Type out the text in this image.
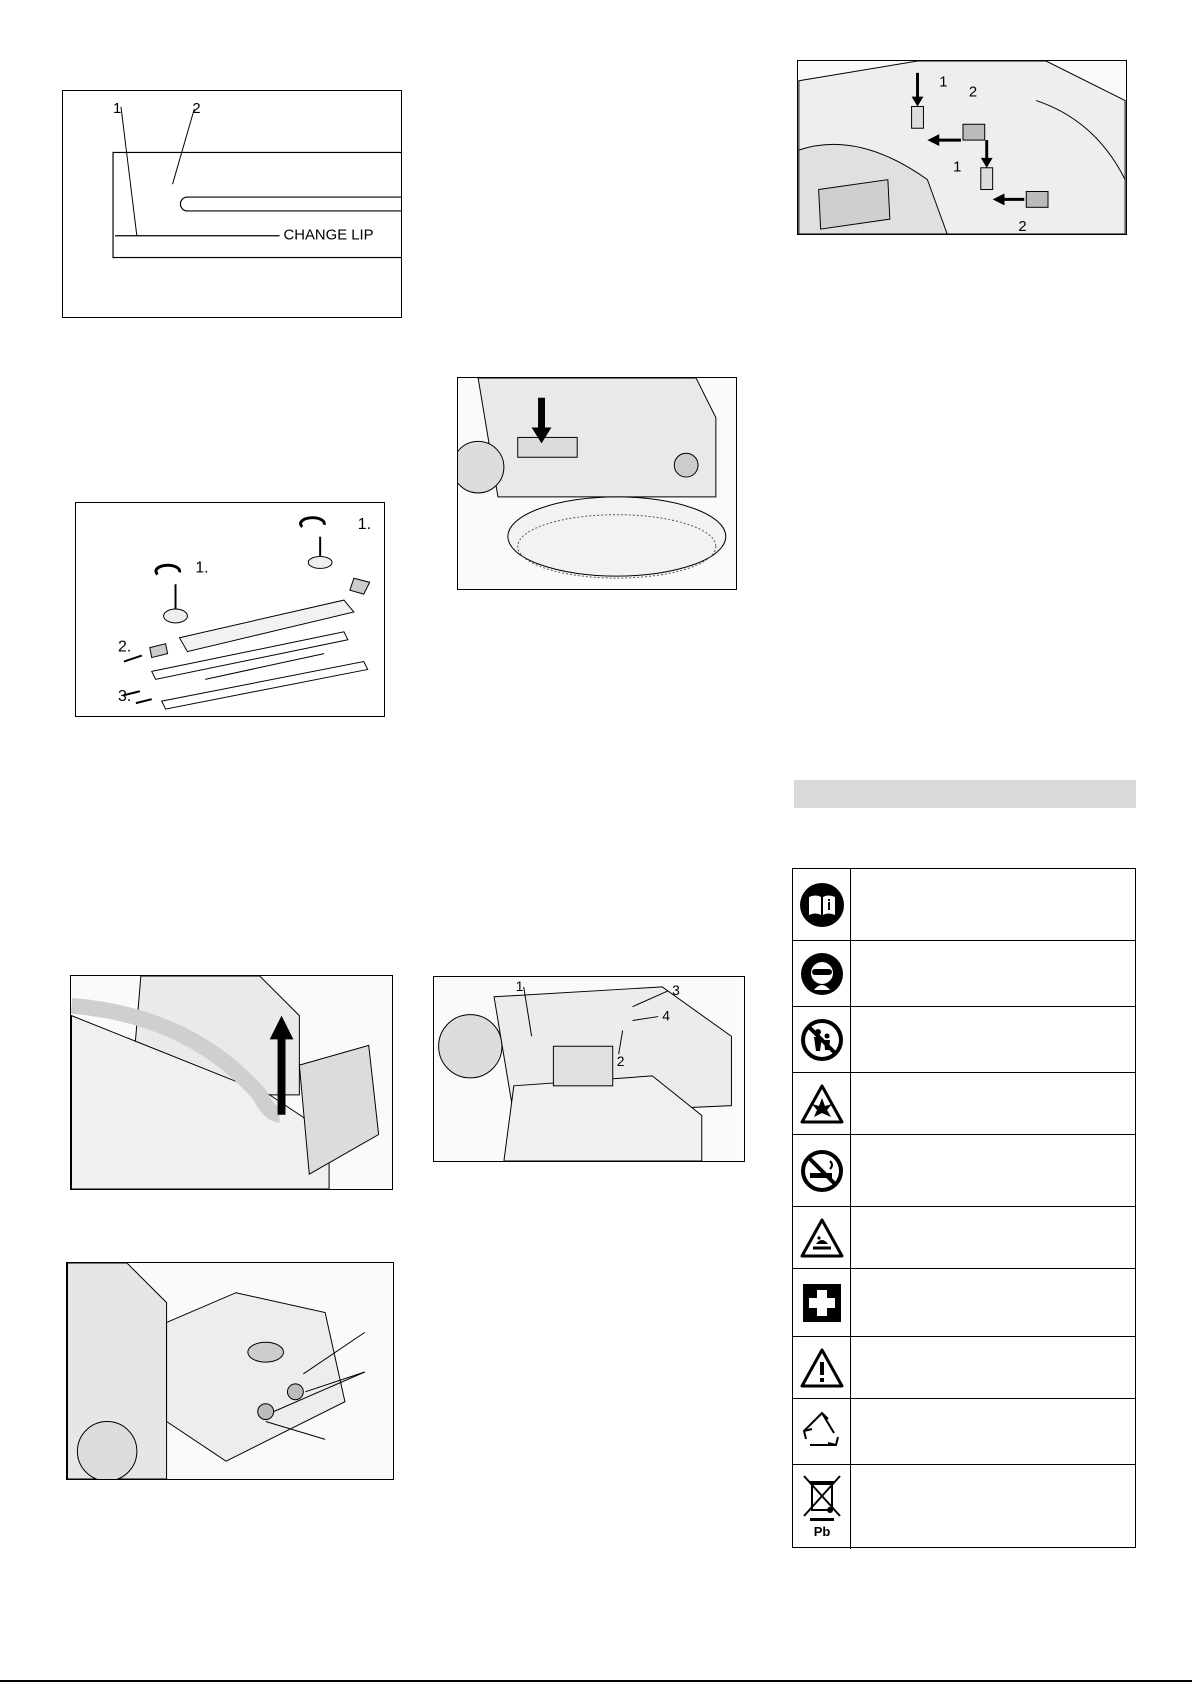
1	2
CHANGE LIP
1.
1.
2.
3.
1
2
3
4
1
2
1
2
Pb
